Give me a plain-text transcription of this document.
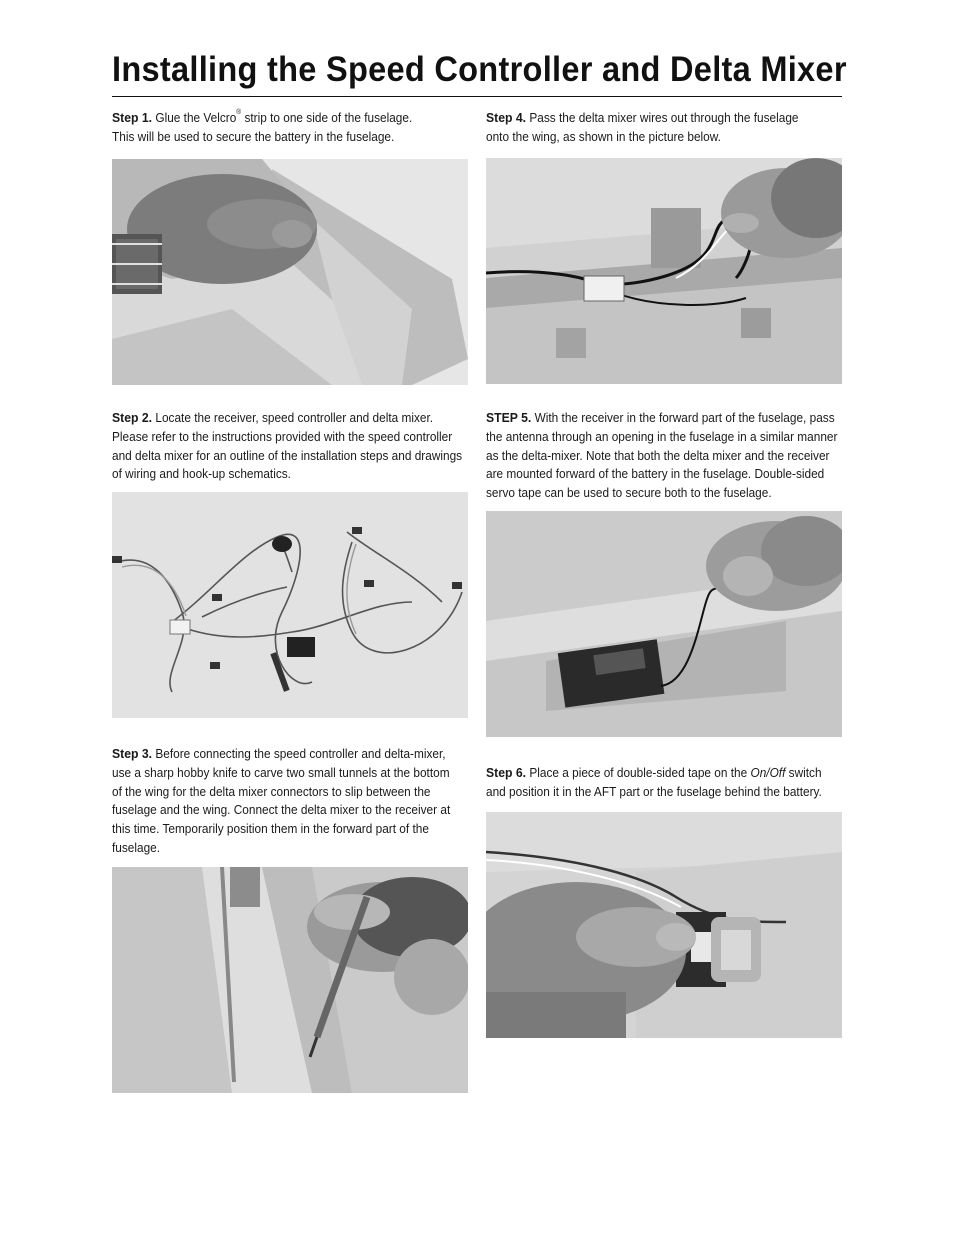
Installing the Speed Controller and Delta Mixer
Step 1. Glue the Velcro® strip to one side of the fuselage.
This will be used to secure the battery in the fuselage.
Step 2. Locate the receiver, speed controller and delta mixer. Please refer to the instructions provided with the speed controller and delta mixer for an outline of the installation steps and drawings of wiring and hook-up schematics.
Step 3. Before connecting the speed controller and delta-mixer, use a sharp hobby knife to carve two small tunnels at the bottom of the wing for the delta mixer connectors to slip between the fuselage and the wing. Connect the delta mixer to the receiver at this time. Temporarily position them in the forward part of the fuselage.
Step 4. Pass the delta mixer wires out through the fuselage onto the wing, as shown in the picture below.
STEP 5. With the receiver in the forward part of the fuselage, pass the antenna through an opening in the fuselage in a similar manner as the delta-mixer. Note that both the delta mixer and the receiver are mounted forward of the battery in the fuselage. Double-sided servo tape can be used to secure both to the fuselage.
Step 6. Place a piece of double-sided tape on the On/Off switch and position it in the AFT part or the fuselage behind the battery.
